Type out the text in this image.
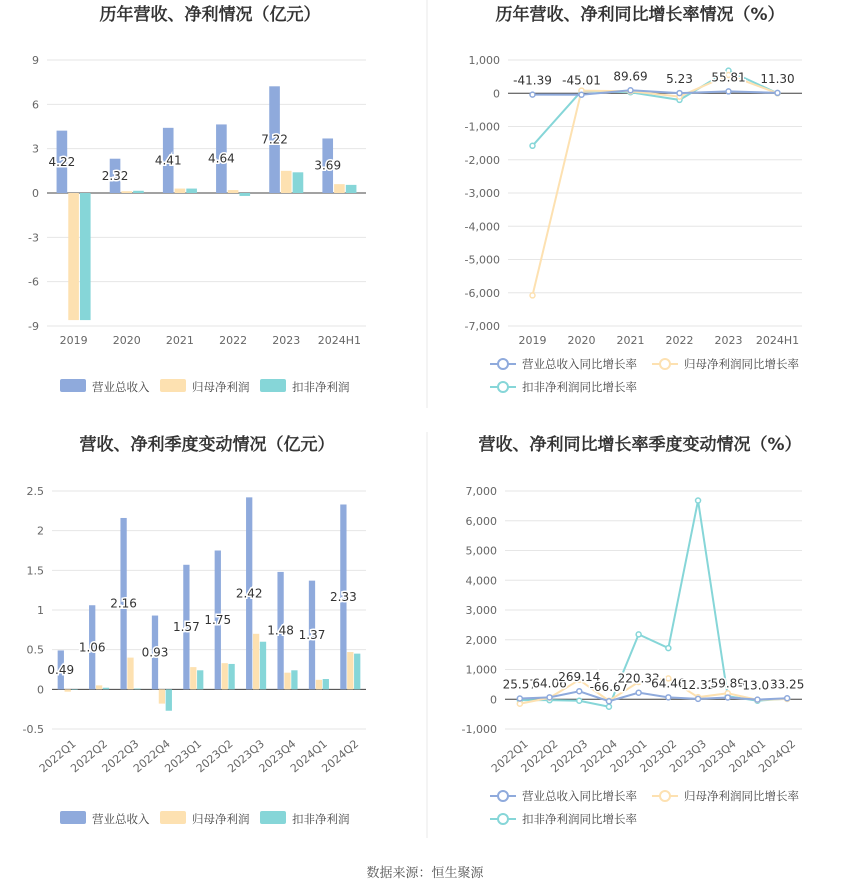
历年营收、净利情况（亿元）
-9
-6
-3
0
3
6
9
2019 2020 2021 2022 2023 2024H1
4.22
2.32
4.41 4.64
7.22
3.69
营业总收入	归母净利润	扣非净利润
历年营收、净利同比增长率情况（%）
-7,000
-6,000
-5,000
-4,000
-3,000
-2,000
-1,000
0
1,000
2019 2020 2021 2022 2023 2024H1
-41.39 -45.01 89.69 5.23 55.81 11.30
营业总收入同比增长率	归母净利润同比增长率
扣非净利润同比增长率
营收、净利季度变动情况（亿元）
-0.5
0
0.5
1
1.5
2
2.5
2022Q1
2022Q2
2022Q3
2022Q4
2023Q1
2023Q2
2023Q3
2023Q4
2024Q1
2024Q2
0.49
1.06
2.16
0.93
1.57
1.75
2.42
1.48 1.37
2.33
营业总收入	归母净利润	扣非净利润
营收、净利同比增长率季度变动情况（%）
-1,000
0
1,000
2,000
3,000
4,000
5,000
6,000
7,000
2022Q1
2022Q2
2022Q3
2022Q4
2023Q1
2023Q2
2023Q3
2023Q4
2024Q1
2024Q2
25.57
64.06
269.14
-66.67
220.33
64.46
12.32
59.89
-13.07
33.25
营业总收入同比增长率	归母净利润同比增长率
扣非净利润同比增长率
数据来源：恒生聚源
